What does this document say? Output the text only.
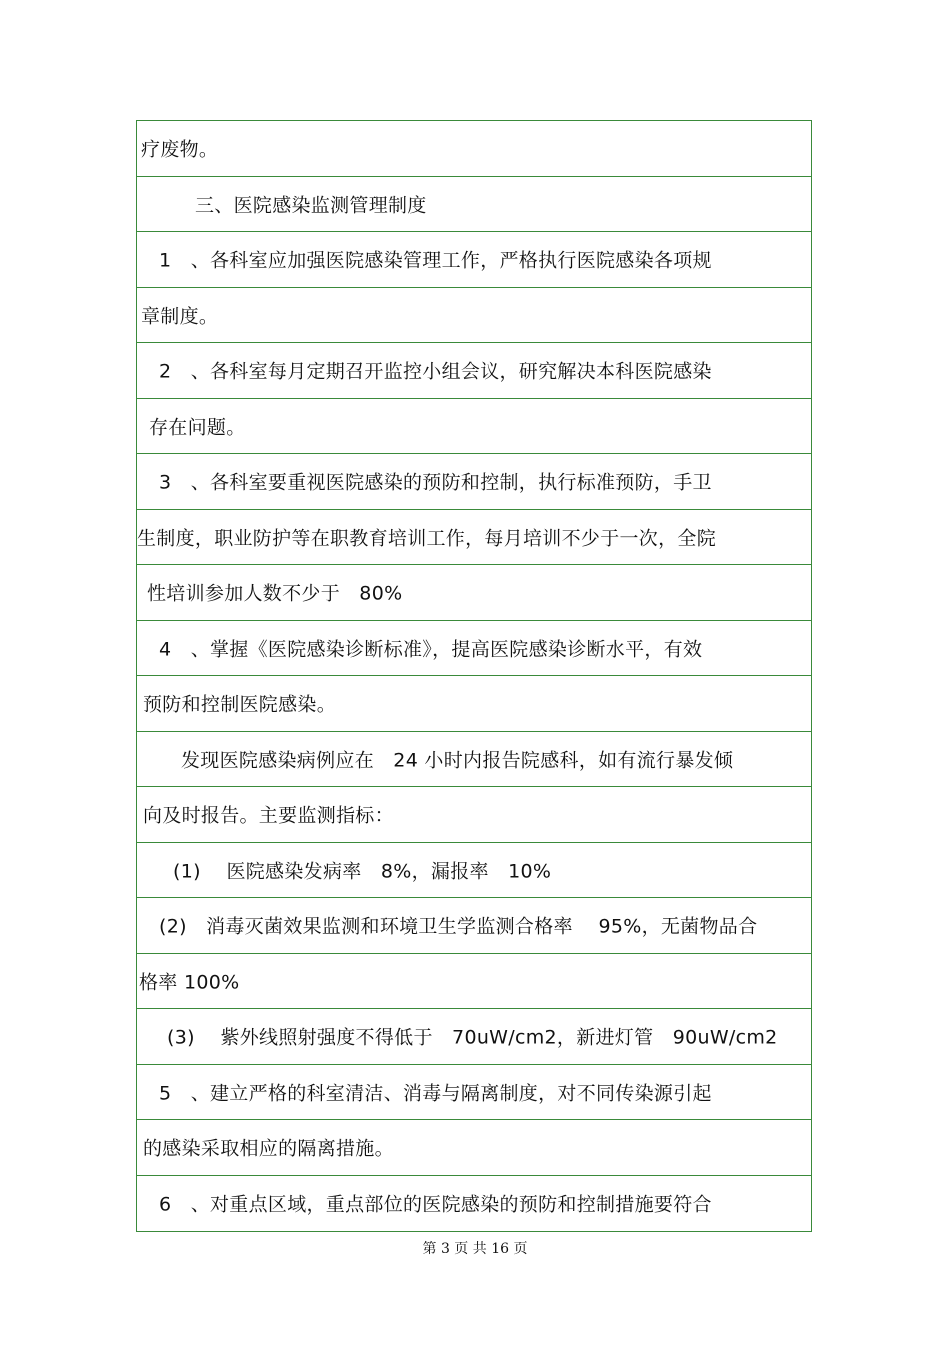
疗废物。
三、医院感染监测管理制度
1　、各科室应加强医院感染管理工作，严格执行医院感染各项规
章制度。
2　、各科室每月定期召开监控小组会议，研究解决本科医院感染
存在问题。
3　、各科室要重视医院感染的预防和控制，执行标准预防，手卫
生制度，职业防护等在职教育培训工作，每月培训不少于一次，全院
性培训参加人数不少于　80%
4　、掌握《医院感染诊断标准》，提高医院感染诊断水平，有效
预防和控制医院感染。
发现医院感染病例应在　24 小时内报告院感科，如有流行暴发倾
向及时报告。主要监测指标：
(1)　 医院感染发病率　8%，漏报率　10%
(2)　消毒灭菌效果监测和环境卫生学监测合格率　 95%，无菌物品合
格率 100%
(3)　 紫外线照射强度不得低于　70uW/cm2，新进灯管　90uW/cm2
5　、建立严格的科室清洁、消毒与隔离制度，对不同传染源引起
的感染采取相应的隔离措施。
6　、对重点区域，重点部位的医院感染的预防和控制措施要符合
第 3 页 共 16 页
